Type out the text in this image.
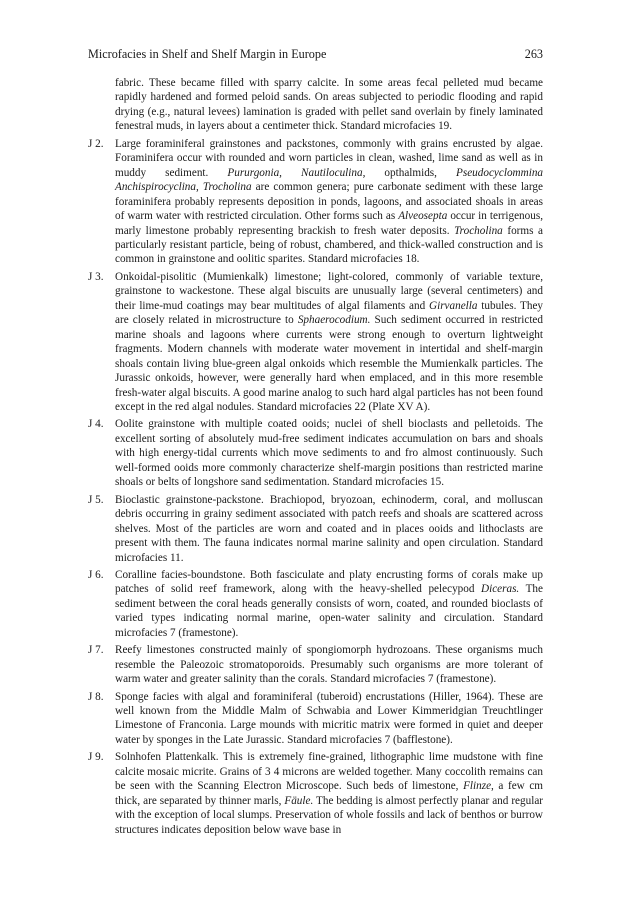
Microfacies in Shelf and Shelf Margin in Europe	263

fabric. These became filled with sparry calcite. In some areas fecal pelleted mud became rapidly hardened and formed peloid sands. On areas subjected to periodic flooding and rapid drying (e.g., natural levees) lamination is graded with pellet sand overlain by finely laminated fenestral muds, in layers about a centimeter thick. Standard microfacies 19.

J 2.	Large foraminiferal grainstones and packstones, commonly with grains encrusted by algae. Foraminifera occur with rounded and worn particles in clean, washed, lime sand as well as in muddy sediment. Pururgonia, Nautiloculina, opthalmids, Pseudocyclommina Anchispirocyclina, Trocholina are common genera; pure carbonate sediment with these large foraminifera probably represents deposition in ponds, lagoons, and associated shoals in areas of warm water with restricted circulation. Other forms such as Alveosepta occur in terrigenous, marly limestone probably representing brackish to fresh water deposits. Trocholina forms a particularly resistant particle, being of robust, chambered, and thick-walled construction and is common in grainstone and oolitic sparites. Standard microfacies 18.
J 3.	Onkoidal-pisolitic (Mumienkalk) limestone; light-colored, commonly of variable texture, grainstone to wackestone. These algal biscuits are unusually large (several centimeters) and their lime-mud coatings may bear multitudes of algal filaments and Girvanella tubules. They are closely related in microstructure to Sphaerocodium. Such sediment occurred in restricted marine shoals and lagoons where currents were strong enough to overturn lightweight fragments. Modern channels with moderate water movement in intertidal and shelf-margin shoals contain living blue-green algal onkoids which resemble the Mumienkalk particles. The Jurassic onkoids, however, were generally hard when emplaced, and in this more resemble fresh-water algal biscuits. A good marine analog to such hard algal particles has not been found except in the red algal nodules. Standard microfacies 22 (Plate XV A).
J 4.	Oolite grainstone with multiple coated ooids; nuclei of shell bioclasts and pelletoids. The excellent sorting of absolutely mud-free sediment indicates accumulation on bars and shoals with high energy-tidal currents which move sediments to and fro almost continuously. Such well-formed ooids more commonly characterize shelf-margin positions than restricted marine shoals or belts of longshore sand sedimentation. Standard microfacies 15.
J 5.	Bioclastic grainstone-packstone. Brachiopod, bryozoan, echinoderm, coral, and molluscan debris occurring in grainy sediment associated with patch reefs and shoals are scattered across shelves. Most of the particles are worn and coated and in places ooids and lithoclasts are present with them. The fauna indicates normal marine salinity and open circulation. Standard microfacies 11.
J 6.	Coralline facies-boundstone. Both fasciculate and platy encrusting forms of corals make up patches of solid reef framework, along with the heavy-shelled pelecypod Diceras. The sediment between the coral heads generally consists of worn, coated, and rounded bioclasts of varied types indicating normal marine, open-water salinity and circulation. Standard microfacies 7 (framestone).
J 7.	Reefy limestones constructed mainly of spongiomorph hydrozoans. These organisms much resemble the Paleozoic stromatoporoids. Presumably such organisms are more tolerant of warm water and greater salinity than the corals. Standard microfacies 7 (framestone).
J 8.	Sponge facies with algal and foraminiferal (tuberoid) encrustations (Hiller, 1964). These are well known from the Middle Malm of Schwabia and Lower Kimmeridgian Treuchtlinger Limestone of Franconia. Large mounds with micritic matrix were formed in quiet and deeper water by sponges in the Late Jurassic. Standard microfacies 7 (bafflestone).
J 9.	Solnhofen Plattenkalk. This is extremely fine-grained, lithographic lime mudstone with fine calcite mosaic micrite. Grains of 3 4 microns are welded together. Many coccolith remains can be seen with the Scanning Electron Microscope. Such beds of limestone, Flinze, a few cm thick, are separated by thinner marls, Fäule. The bedding is almost perfectly planar and regular with the exception of local slumps. Preservation of whole fossils and lack of benthos or burrow structures indicates deposition below wave base in
